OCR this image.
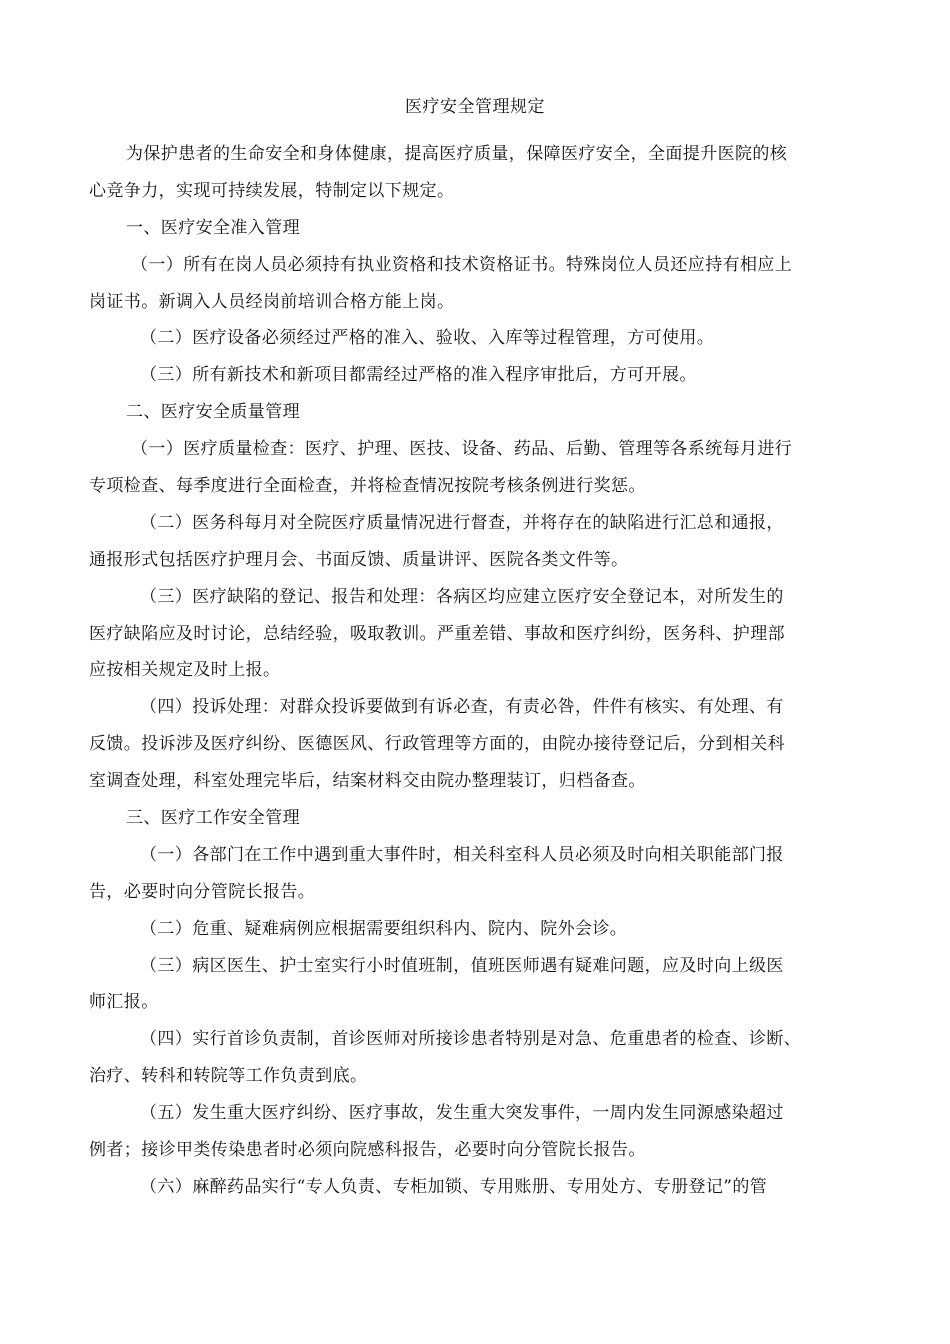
医疗安全管理规定
为保护患者的生命安全和身体健康，提高医疗质量，保障医疗安全，全面提升医院的核
心竞争力，实现可持续发展，特制定以下规定。
一、医疗安全准入管理
（一）所有在岗人员必须持有执业资格和技术资格证书。特殊岗位人员还应持有相应上
岗证书。新调入人员经岗前培训合格方能上岗。
（二）医疗设备必须经过严格的准入、验收、入库等过程管理，方可使用。
（三）所有新技术和新项目都需经过严格的准入程序审批后，方可开展。
二、医疗安全质量管理
（一）医疗质量检查：医疗、护理、医技、设备、药品、后勤、管理等各系统每月进行
专项检查、每季度进行全面检查，并将检查情况按院考核条例进行奖惩。
（二）医务科每月对全院医疗质量情况进行督查，并将存在的缺陷进行汇总和通报，
通报形式包括医疗护理月会、书面反馈、质量讲评、医院各类文件等。
（三）医疗缺陷的登记、报告和处理：各病区均应建立医疗安全登记本，对所发生的
医疗缺陷应及时讨论，总结经验，吸取教训。严重差错、事故和医疗纠纷，医务科、护理部
应按相关规定及时上报。
（四）投诉处理：对群众投诉要做到有诉必查，有责必咎，件件有核实、有处理、有
反馈。投诉涉及医疗纠纷、医德医风、行政管理等方面的，由院办接待登记后，分到相关科
室调查处理，科室处理完毕后，结案材料交由院办整理装订，归档备查。
三、医疗工作安全管理
（一）各部门在工作中遇到重大事件时，相关科室科人员必须及时向相关职能部门报
告，必要时向分管院长报告。
（二）危重、疑难病例应根据需要组织科内、院内、院外会诊。
（三）病区医生、护士室实行小时值班制，值班医师遇有疑难问题，应及时向上级医
师汇报。
（四）实行首诊负责制，首诊医师对所接诊患者特别是对急、危重患者的检查、诊断、
治疗、转科和转院等工作负责到底。
（五）发生重大医疗纠纷、医疗事故，发生重大突发事件，一周内发生同源感染超过
例者；接诊甲类传染患者时必须向院感科报告，必要时向分管院长报告。
（六）麻醉药品实行“专人负责、专柜加锁、专用账册、专用处方、专册登记”的管
